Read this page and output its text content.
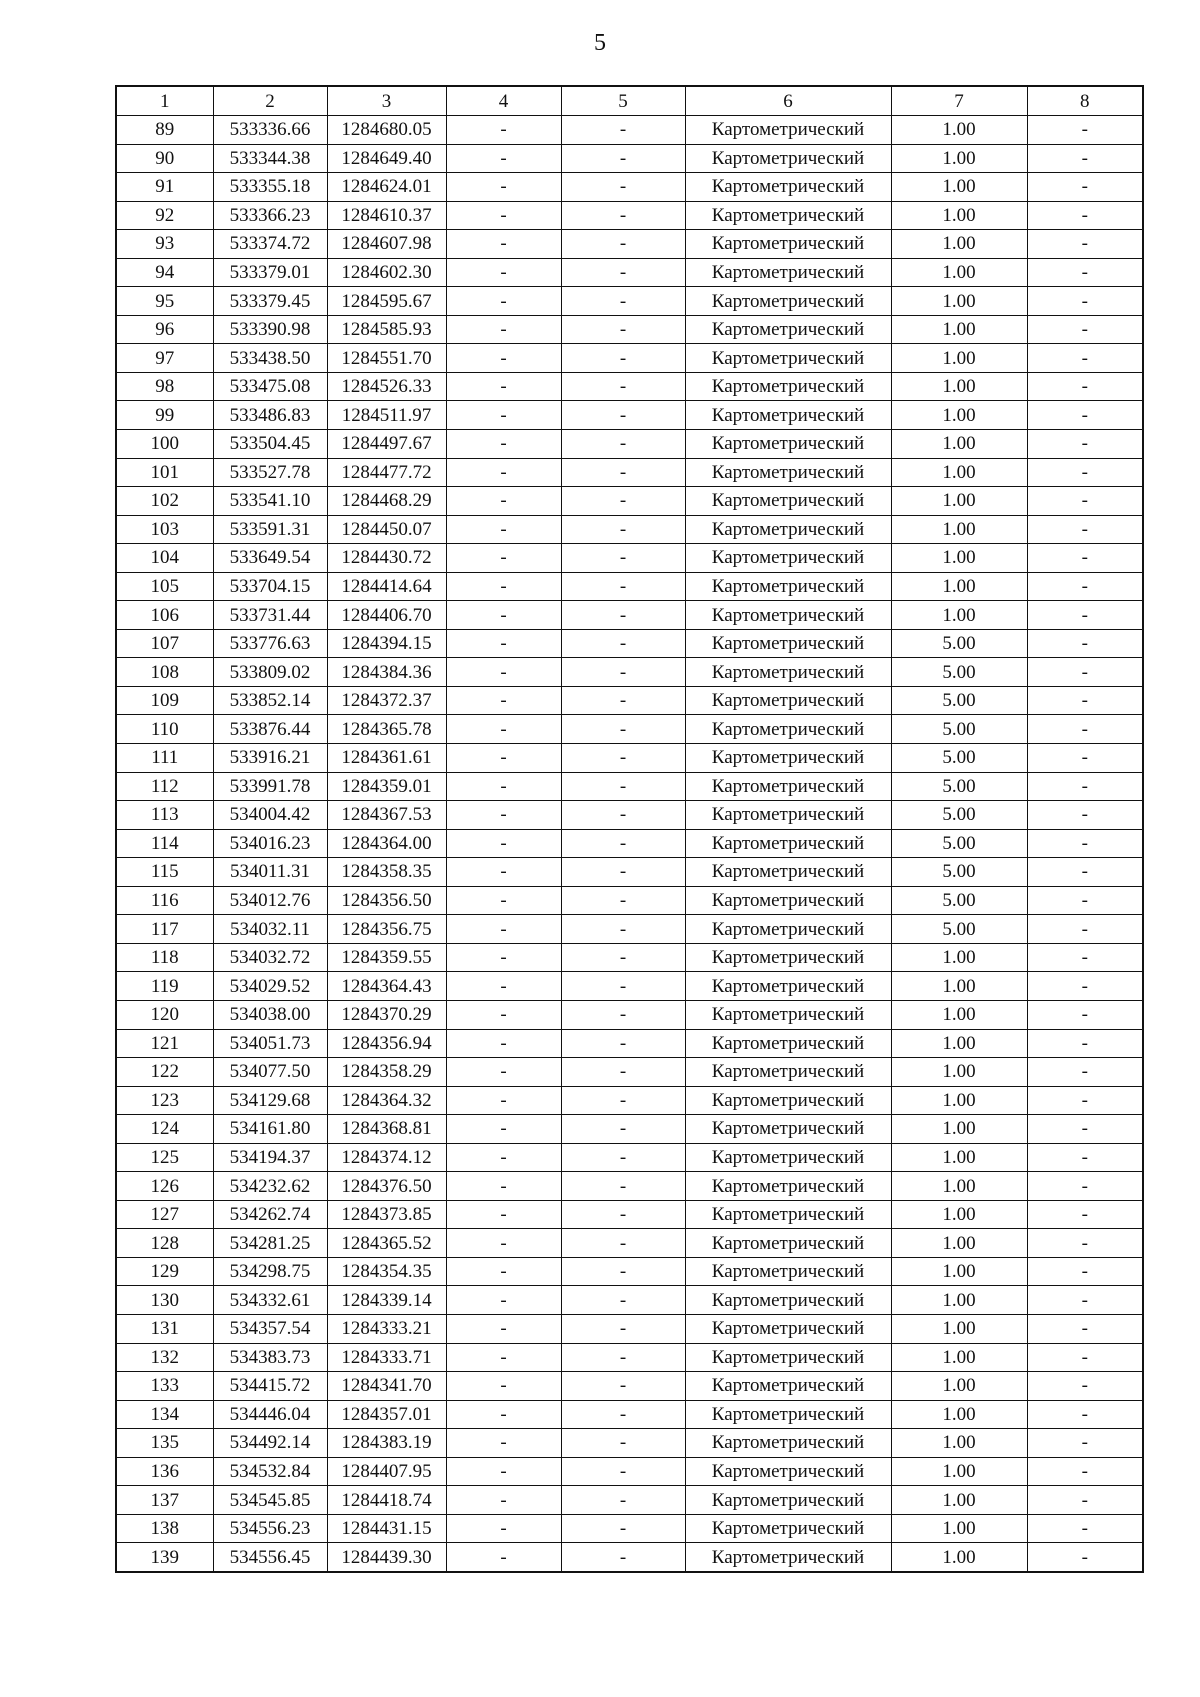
5
1	2	3	4	5	6	7	8
89	533336.66	1284680.05	-	-	Картометрический	1.00	-
90	533344.38	1284649.40	-	-	Картометрический	1.00	-
91	533355.18	1284624.01	-	-	Картометрический	1.00	-
92	533366.23	1284610.37	-	-	Картометрический	1.00	-
93	533374.72	1284607.98	-	-	Картометрический	1.00	-
94	533379.01	1284602.30	-	-	Картометрический	1.00	-
95	533379.45	1284595.67	-	-	Картометрический	1.00	-
96	533390.98	1284585.93	-	-	Картометрический	1.00	-
97	533438.50	1284551.70	-	-	Картометрический	1.00	-
98	533475.08	1284526.33	-	-	Картометрический	1.00	-
99	533486.83	1284511.97	-	-	Картометрический	1.00	-
100	533504.45	1284497.67	-	-	Картометрический	1.00	-
101	533527.78	1284477.72	-	-	Картометрический	1.00	-
102	533541.10	1284468.29	-	-	Картометрический	1.00	-
103	533591.31	1284450.07	-	-	Картометрический	1.00	-
104	533649.54	1284430.72	-	-	Картометрический	1.00	-
105	533704.15	1284414.64	-	-	Картометрический	1.00	-
106	533731.44	1284406.70	-	-	Картометрический	1.00	-
107	533776.63	1284394.15	-	-	Картометрический	5.00	-
108	533809.02	1284384.36	-	-	Картометрический	5.00	-
109	533852.14	1284372.37	-	-	Картометрический	5.00	-
110	533876.44	1284365.78	-	-	Картометрический	5.00	-
111	533916.21	1284361.61	-	-	Картометрический	5.00	-
112	533991.78	1284359.01	-	-	Картометрический	5.00	-
113	534004.42	1284367.53	-	-	Картометрический	5.00	-
114	534016.23	1284364.00	-	-	Картометрический	5.00	-
115	534011.31	1284358.35	-	-	Картометрический	5.00	-
116	534012.76	1284356.50	-	-	Картометрический	5.00	-
117	534032.11	1284356.75	-	-	Картометрический	5.00	-
118	534032.72	1284359.55	-	-	Картометрический	1.00	-
119	534029.52	1284364.43	-	-	Картометрический	1.00	-
120	534038.00	1284370.29	-	-	Картометрический	1.00	-
121	534051.73	1284356.94	-	-	Картометрический	1.00	-
122	534077.50	1284358.29	-	-	Картометрический	1.00	-
123	534129.68	1284364.32	-	-	Картометрический	1.00	-
124	534161.80	1284368.81	-	-	Картометрический	1.00	-
125	534194.37	1284374.12	-	-	Картометрический	1.00	-
126	534232.62	1284376.50	-	-	Картометрический	1.00	-
127	534262.74	1284373.85	-	-	Картометрический	1.00	-
128	534281.25	1284365.52	-	-	Картометрический	1.00	-
129	534298.75	1284354.35	-	-	Картометрический	1.00	-
130	534332.61	1284339.14	-	-	Картометрический	1.00	-
131	534357.54	1284333.21	-	-	Картометрический	1.00	-
132	534383.73	1284333.71	-	-	Картометрический	1.00	-
133	534415.72	1284341.70	-	-	Картометрический	1.00	-
134	534446.04	1284357.01	-	-	Картометрический	1.00	-
135	534492.14	1284383.19	-	-	Картометрический	1.00	-
136	534532.84	1284407.95	-	-	Картометрический	1.00	-
137	534545.85	1284418.74	-	-	Картометрический	1.00	-
138	534556.23	1284431.15	-	-	Картометрический	1.00	-
139	534556.45	1284439.30	-	-	Картометрический	1.00	-
